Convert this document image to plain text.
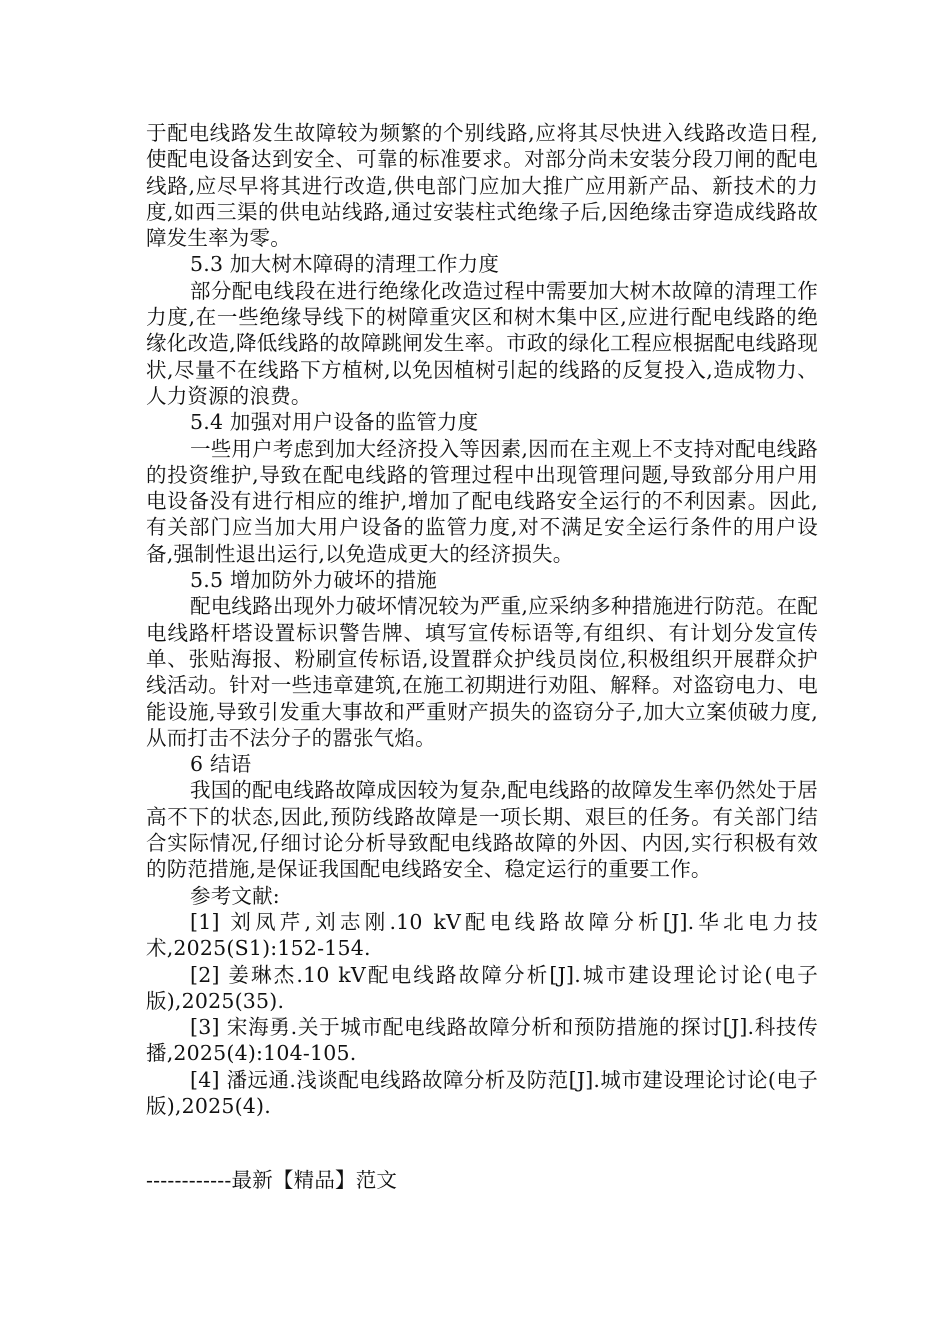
于配电线路发生故障较为频繁的个别线路,应将其尽快进入线路改造日程,使配电设备达到安全、可靠的标准要求。对部分尚未安装分段刀闸的配电线路,应尽早将其进行改造,供电部门应加大推广应用新产品、新技术的力度,如西三渠的供电站线路,通过安装柱式绝缘子后,因绝缘击穿造成线路故障发生率为零。

5.3 加大树木障碍的清理工作力度

部分配电线段在进行绝缘化改造过程中需要加大树木故障的清理工作力度,在一些绝缘导线下的树障重灾区和树木集中区,应进行配电线路的绝缘化改造,降低线路的故障跳闸发生率。市政的绿化工程应根据配电线路现状,尽量不在线路下方植树,以免因植树引起的线路的反复投入,造成物力、人力资源的浪费。

5.4 加强对用户设备的监管力度

一些用户考虑到加大经济投入等因素,因而在主观上不支持对配电线路的投资维护,导致在配电线路的管理过程中出现管理问题,导致部分用户用电设备没有进行相应的维护,增加了配电线路安全运行的不利因素。因此,有关部门应当加大用户设备的监管力度,对不满足安全运行条件的用户设备,强制性退出运行,以免造成更大的经济损失。

5.5 增加防外力破坏的措施

配电线路出现外力破坏情况较为严重,应采纳多种措施进行防范。在配电线路杆塔设置标识警告牌、填写宣传标语等,有组织、有计划分发宣传单、张贴海报、粉刷宣传标语,设置群众护线员岗位,积极组织开展群众护线活动。针对一些违章建筑,在施工初期进行劝阻、解释。对盗窃电力、电能设施,导致引发重大事故和严重财产损失的盗窃分子,加大立案侦破力度,从而打击不法分子的嚣张气焰。

6 结语

我国的配电线路故障成因较为复杂,配电线路的故障发生率仍然处于居高不下的状态,因此,预防线路故障是一项长期、艰巨的任务。有关部门结合实际情况,仔细讨论分析导致配电线路故障的外因、内因,实行积极有效的防范措施,是保证我国配电线路安全、稳定运行的重要工作。

参考文献:

[1] 刘凤芹,刘志刚.10 kV配电线路故障分析[J].华北电力技术,2025(S1):152-154.

[2] 姜琳杰.10 kV配电线路故障分析[J].城市建设理论讨论(电子版),2025(35).

[3] 宋海勇.关于城市配电线路故障分析和预防措施的探讨[J].科技传播,2025(4):104-105.

[4] 潘远通.浅谈配电线路故障分析及防范[J].城市建设理论讨论(电子版),2025(4).

------------最新【精品】范文
